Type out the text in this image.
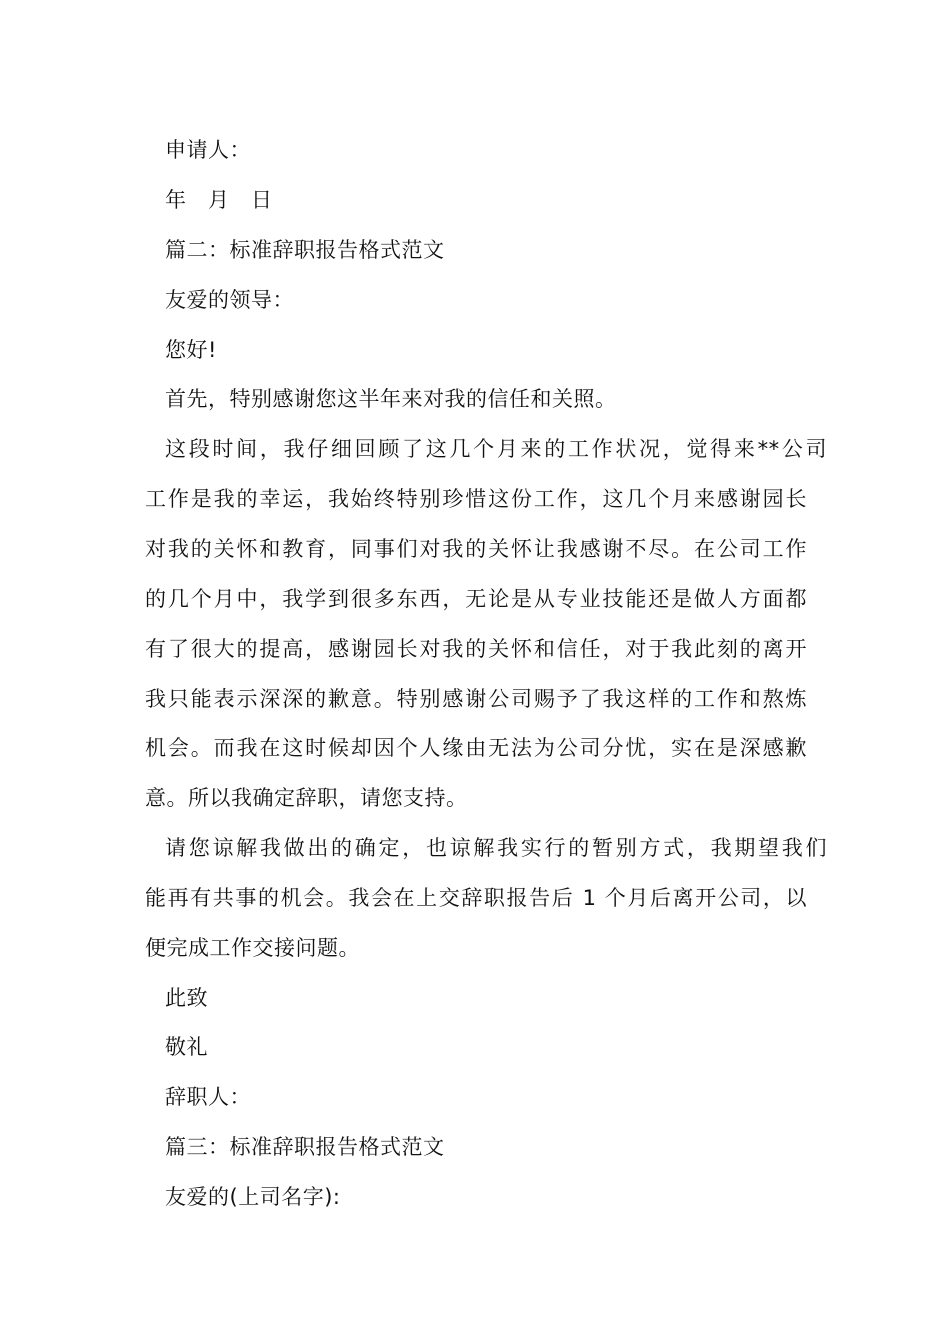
申请人：
年　月　日
篇二：标准辞职报告格式范文
友爱的领导：
您好!
首先，特别感谢您这半年来对我的信任和关照。
这段时间，我仔细回顾了这几个月来的工作状况，觉得来**公司
工作是我的幸运，我始终特别珍惜这份工作，这几个月来感谢园长
对我的关怀和教育，同事们对我的关怀让我感谢不尽。在公司工作
的几个月中，我学到很多东西，无论是从专业技能还是做人方面都
有了很大的提高，感谢园长对我的关怀和信任，对于我此刻的离开
我只能表示深深的歉意。特别感谢公司赐予了我这样的工作和熬炼
机会。而我在这时候却因个人缘由无法为公司分忧，实在是深感歉
意。所以我确定辞职，请您支持。
请您谅解我做出的确定，也谅解我实行的暂别方式，我期望我们
能再有共事的机会。我会在上交辞职报告后 1 个月后离开公司，以
便完成工作交接问题。
此致
敬礼
辞职人：
篇三：标准辞职报告格式范文
友爱的(上司名字):
